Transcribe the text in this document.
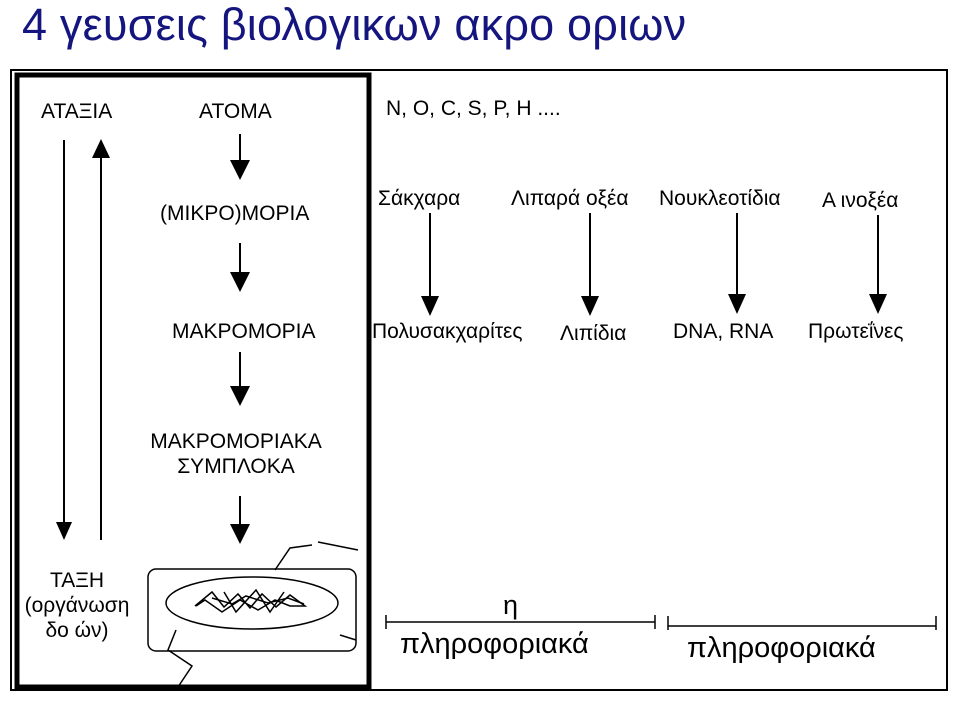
4 γευσεις βιολογικων ακρο οριων
ΑΤΑΞΙΑ	ΑΤΟΜΑ	N, O, C, S, P, H ....
(ΜΙΚΡΟ)ΜΟΡΙΑ
Σάκχαρα Λιπαρά οξέα Νουκλεοτίδια Α ινοξέα
ΜΑΚΡΟΜΟΡΙΑ	Πολυσακχαρίτες Λιπίδια DNA, RNA Πρωτεΐνες
ΜΑΚΡΟΜΟΡΙΑΚΑ
ΣΥΜΠΛΟΚΑ
ΤΑΞΗ
(οργάνωση
δο ών)
η
πληροφοριακά	πληροφοριακά
